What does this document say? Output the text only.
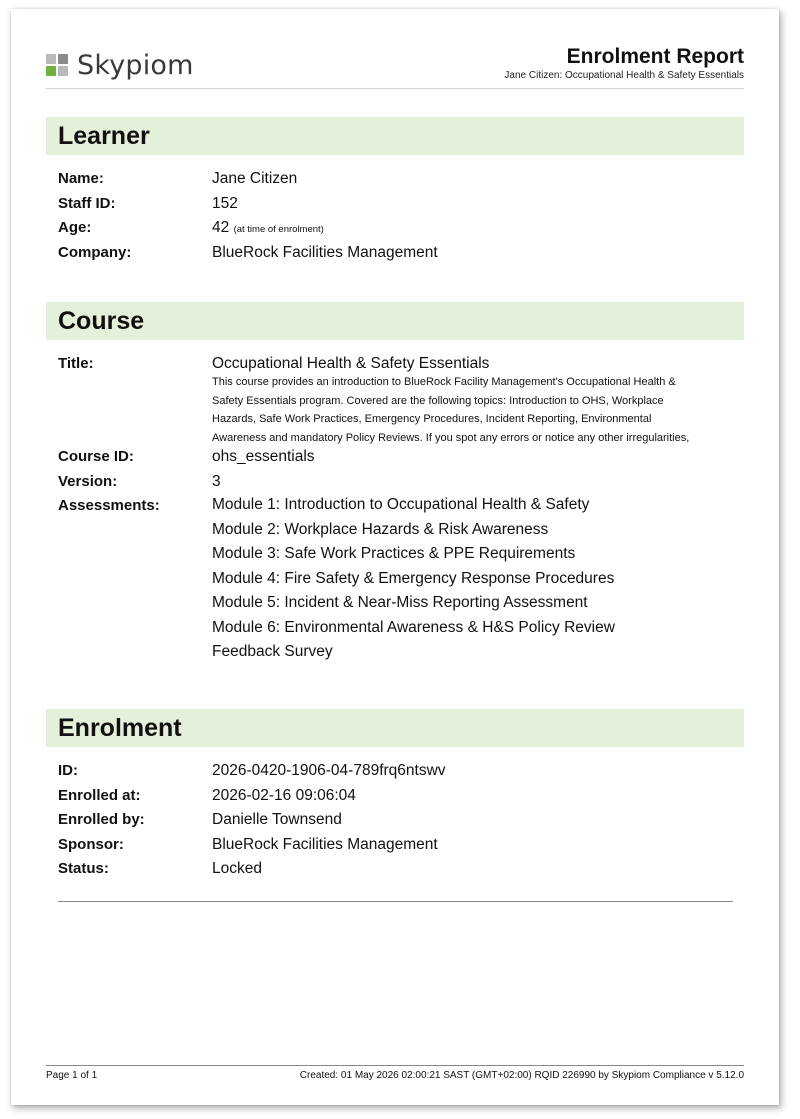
Skypiom	Enrolment Report
Jane Citizen: Occupational Health & Safety Essentials
Learner
Name:	Jane Citizen
Staff ID:	152
Age:	42 (at time of enrolment)
Company:	BlueRock Facilities Management
Course
Title:	Occupational Health & Safety Essentials
This course provides an introduction to BlueRock Facility Management's Occupational Health &
Safety Essentials program. Covered are the following topics: Introduction to OHS, Workplace
Hazards, Safe Work Practices, Emergency Procedures, Incident Reporting, Environmental
Awareness and mandatory Policy Reviews. If you spot any errors or notice any other irregularities,
Course ID:	ohs_essentials
Version:	3
Assessments:	Module 1: Introduction to Occupational Health & Safety
Module 2: Workplace Hazards & Risk Awareness
Module 3: Safe Work Practices & PPE Requirements
Module 4: Fire Safety & Emergency Response Procedures
Module 5: Incident & Near-Miss Reporting Assessment
Module 6: Environmental Awareness & H&S Policy Review
Feedback Survey
Enrolment
ID:	2026-0420-1906-04-789frq6ntswv
Enrolled at:	2026-02-16 09:06:04
Enrolled by:	Danielle Townsend
Sponsor:	BlueRock Facilities Management
Status:	Locked
Page 1 of 1	Created: 01 May 2026 02:00:21 SAST (GMT+02:00) RQID 226990 by Skypiom Compliance v 5.12.0
